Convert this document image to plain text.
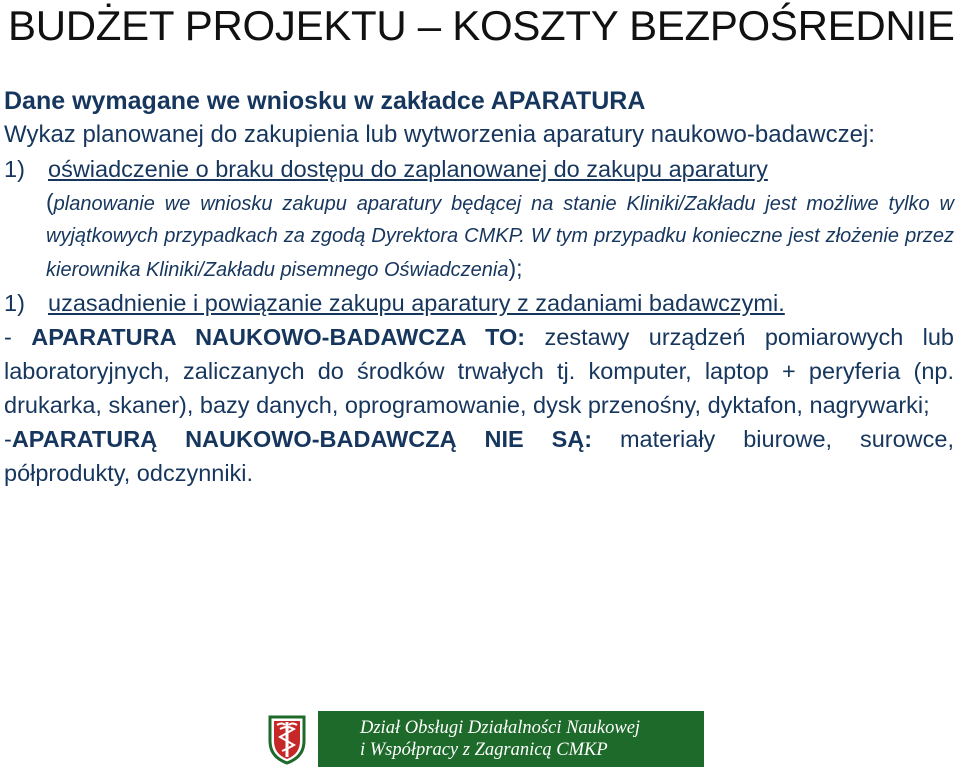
BUDŻET PROJEKTU – KOSZTY BEZPOŚREDNIE

Dane wymagane we wniosku w zakładce APARATURA

Wykaz planowanej do zakupienia lub wytworzenia aparatury naukowo-badawczej:
1) oświadczenie o braku dostępu do zaplanowanej do zakupu aparatury
(planowanie we wniosku zakupu aparatury będącej na stanie Kliniki/Zakładu jest możliwe tylko w wyjątkowych przypadkach za zgodą Dyrektora CMKP. W tym przypadku konieczne jest złożenie przez kierownika Kliniki/Zakładu pisemnego Oświadczenia);
1) uzasadnienie i powiązanie zakupu aparatury z zadaniami badawczymi.
- APARATURA NAUKOWO-BADAWCZA TO: zestawy urządzeń pomiarowych lub laboratoryjnych, zaliczanych do środków trwałych tj. komputer, laptop + peryferia (np. drukarka, skaner), bazy danych, oprogramowanie, dysk przenośny, dyktafon, nagrywarki;
-APARATURĄ NAUKOWO-BADAWCZĄ NIE SĄ: materiały biurowe, surowce, półprodukty, odczynniki.
Dział Obsługi Działalności Naukowej
i Współpracy z Zagranicą CMKP
